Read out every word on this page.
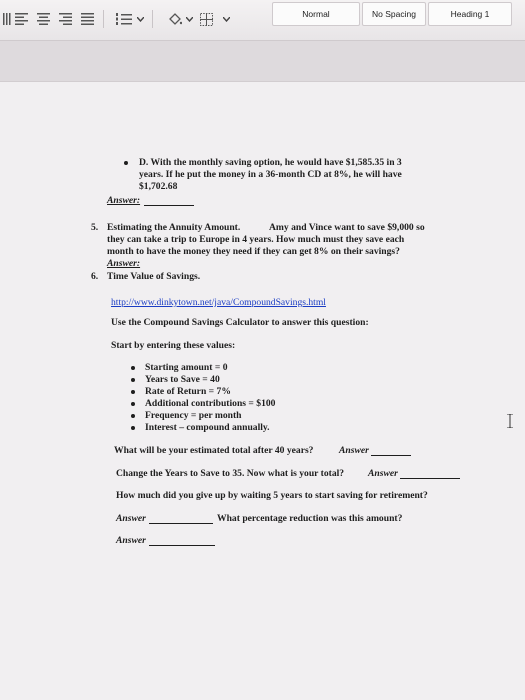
Normal	No Spacing	Heading 1
D. With the monthly saving option, he would have $1,585.35 in 3
years. If he put the money in a 36-month CD at 8%, he will have
$1,702.68
Answer:
5. Estimating the Annuity Amount.	Amy and Vince want to save $9,000 so
they can take a trip to Europe in 4 years. How much must they save each
month to have the money they need if they can get 8% on their savings?
Answer:
6. Time Value of Savings.
http://www.dinkytown.net/java/CompoundSavings.html
Use the Compound Savings Calculator to answer this question:
Start by entering these values:
Starting amount = 0
Years to Save = 40
Rate of Return = 7%
Additional contributions = $100
Frequency = per month
Interest – compound annually.
What will be your estimated total after 40 years?	Answer
Change the Years to Save to 35. Now what is your total? Answer
How much did you give up by waiting 5 years to start saving for retirement?
Answer	What percentage reduction was this amount?
Answer
